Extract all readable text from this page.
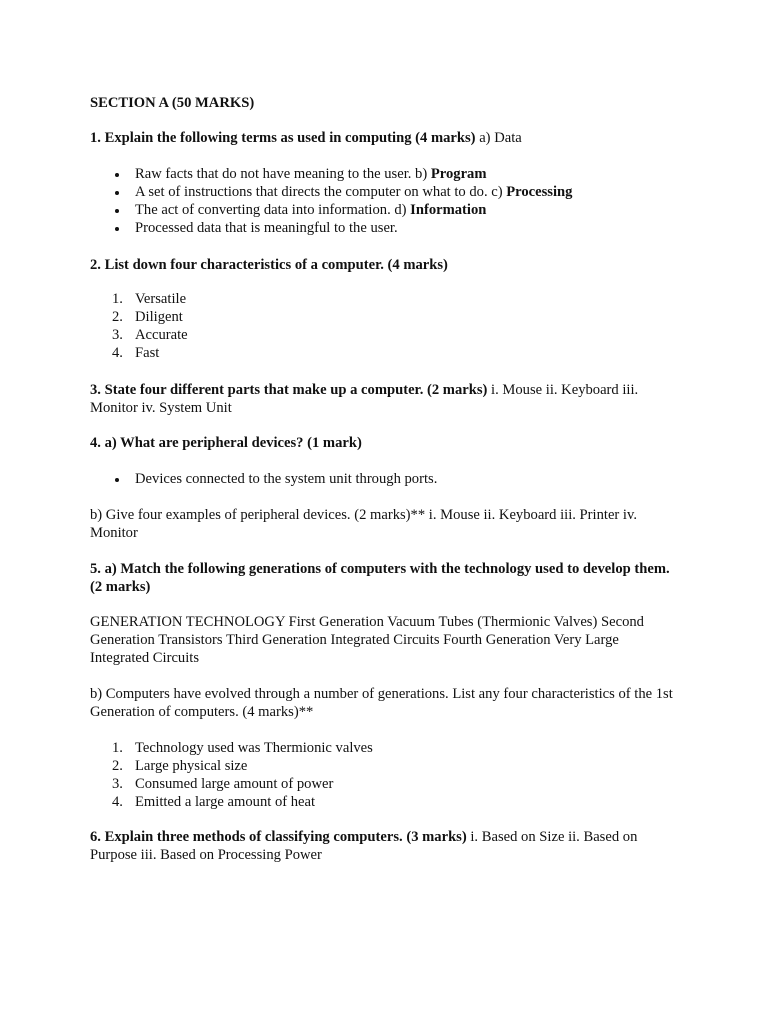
SECTION A (50 MARKS)
1. Explain the following terms as used in computing (4 marks) a) Data
Raw facts that do not have meaning to the user. b) Program
A set of instructions that directs the computer on what to do. c) Processing
The act of converting data into information. d) Information
Processed data that is meaningful to the user.
2. List down four characteristics of a computer. (4 marks)
1. Versatile
2. Diligent
3. Accurate
4. Fast
3. State four different parts that make up a computer. (2 marks) i. Mouse ii. Keyboard iii.
Monitor iv. System Unit
4. a) What are peripheral devices? (1 mark)
Devices connected to the system unit through ports.
b) Give four examples of peripheral devices. (2 marks)** i. Mouse ii. Keyboard iii. Printer iv.
Monitor
5. a) Match the following generations of computers with the technology used to develop them.
(2 marks)
GENERATION TECHNOLOGY First Generation Vacuum Tubes (Thermionic Valves) Second
Generation Transistors Third Generation Integrated Circuits Fourth Generation Very Large
Integrated Circuits
b) Computers have evolved through a number of generations. List any four characteristics of the 1st
Generation of computers. (4 marks)**
1. Technology used was Thermionic valves
2. Large physical size
3. Consumed large amount of power
4. Emitted a large amount of heat
6. Explain three methods of classifying computers. (3 marks) i. Based on Size ii. Based on
Purpose iii. Based on Processing Power
